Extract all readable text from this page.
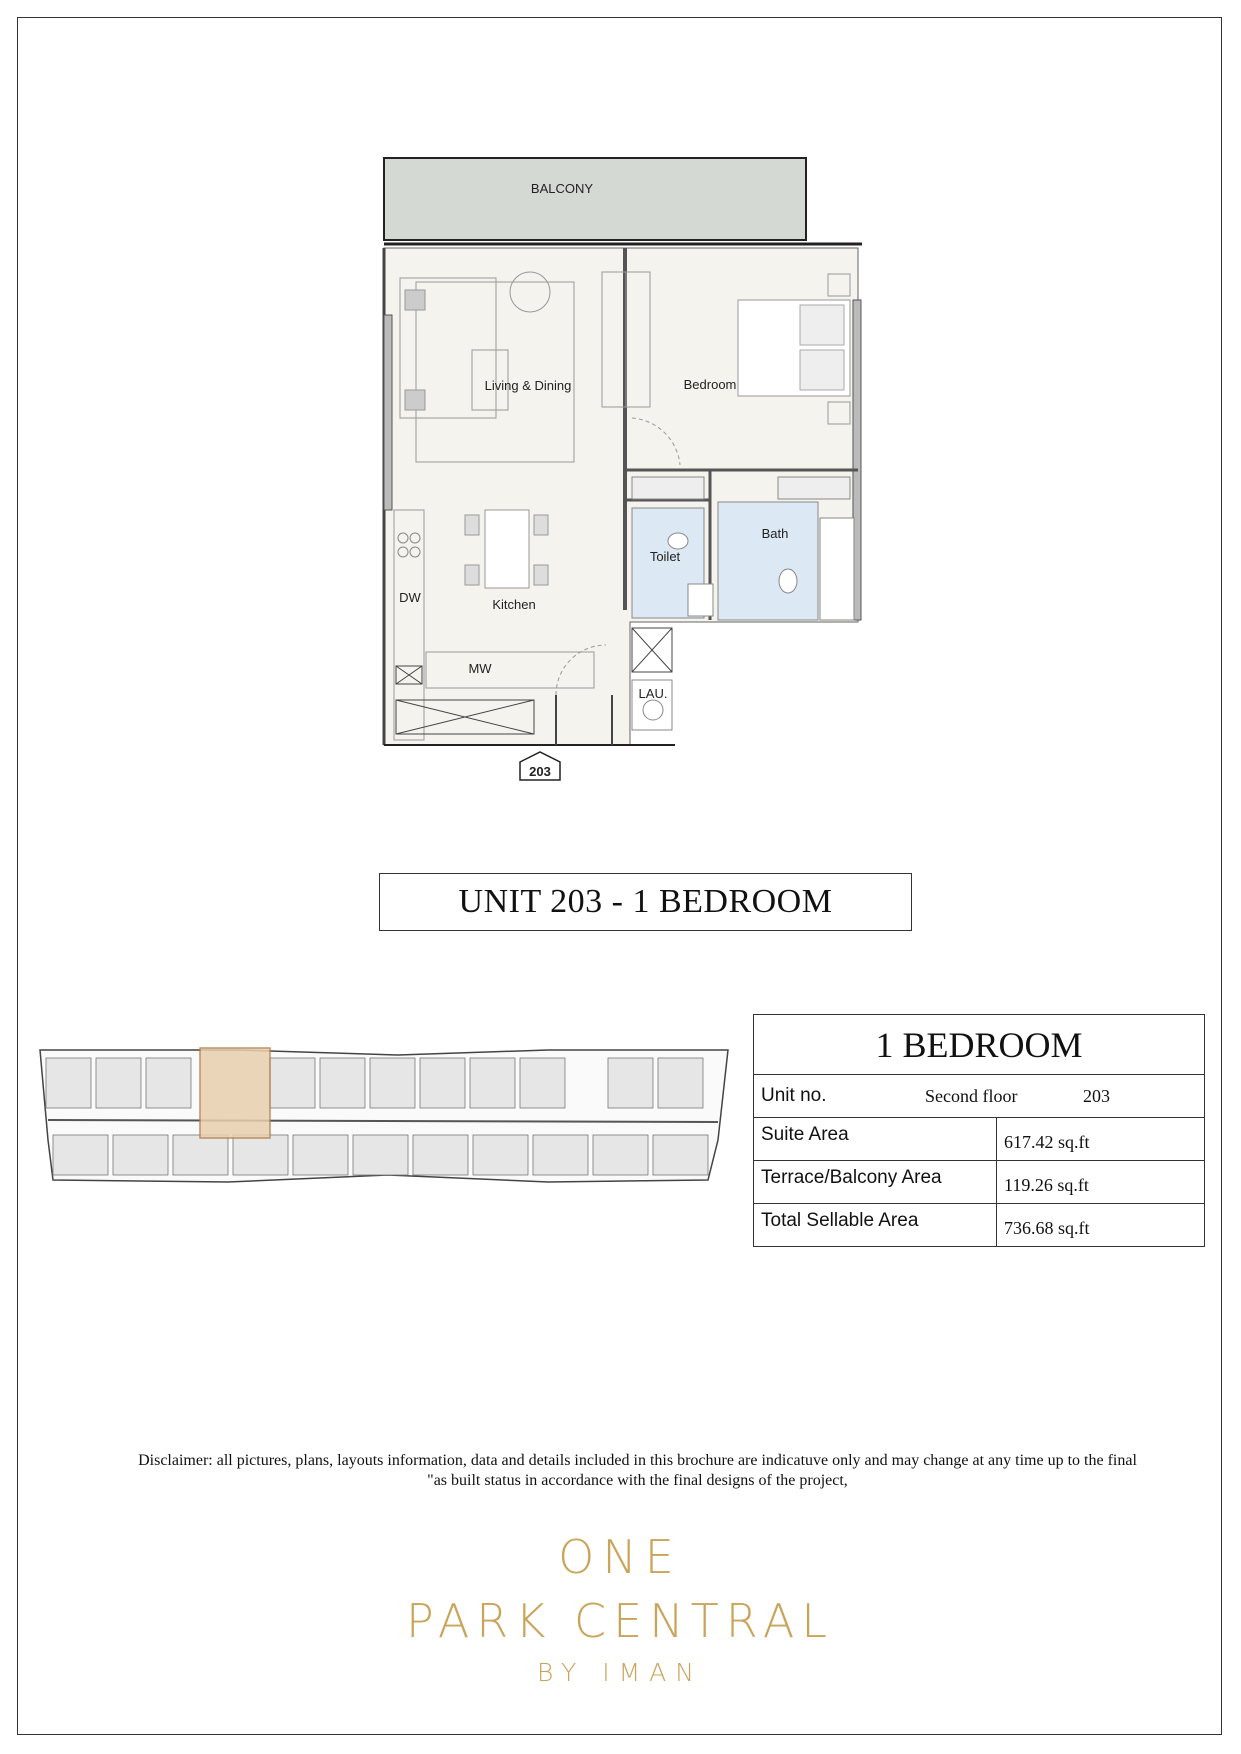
BALCONY
Living & Dining	Bedroom
Bath
Toilet
Kitchen
LAU.
DW
MW
203
UNIT 203 - 1 BEDROOM
1 BEDROOM	

Unit no. Second floor 203	

Suite Area	617.42 sq.ft
Terrace/Balcony Area	119.26 sq.ft
Total Sellable Area	736.68 sq.ft
Disclaimer: all pictures, plans, layouts information, data and details included in this brochure are indicatuve only and may change at any time up to the final
"as built status in accordance with the final designs of the project,
ONE
PARK CENTRAL
BY IMAN
